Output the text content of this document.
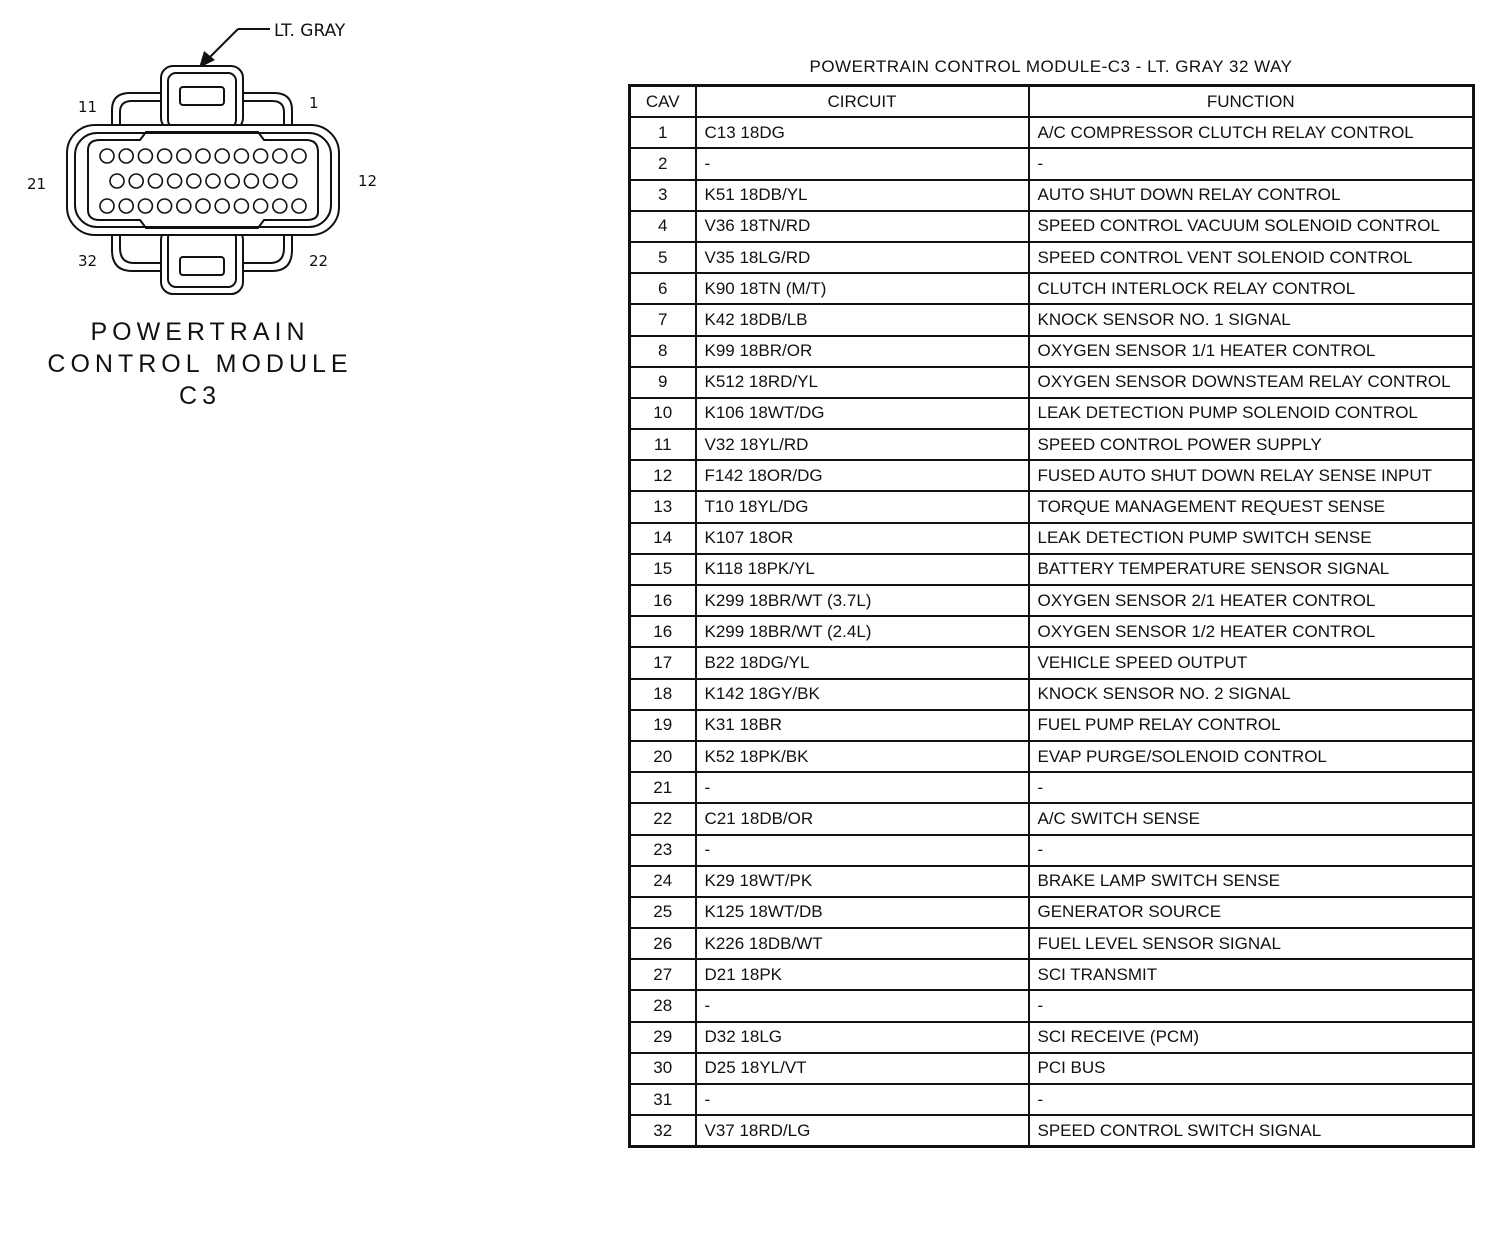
LT. GRAY
11	1
21	12
32	22
POWERTRAIN
CONTROL MODULE
C3
POWERTRAIN CONTROL MODULE-C3 - LT. GRAY 32 WAY
CAV	CIRCUIT	FUNCTION
1	C13 18DG	A/C COMPRESSOR CLUTCH RELAY CONTROL
2	-	-
3	K51 18DB/YL	AUTO SHUT DOWN RELAY CONTROL
4	V36 18TN/RD	SPEED CONTROL VACUUM SOLENOID CONTROL
5	V35 18LG/RD	SPEED CONTROL VENT SOLENOID CONTROL
6	K90 18TN (M/T)	CLUTCH INTERLOCK RELAY CONTROL
7	K42 18DB/LB	KNOCK SENSOR NO. 1 SIGNAL
8	K99 18BR/OR	OXYGEN SENSOR 1/1 HEATER CONTROL
9	K512 18RD/YL	OXYGEN SENSOR DOWNSTEAM RELAY CONTROL
10	K106 18WT/DG	LEAK DETECTION PUMP SOLENOID CONTROL
11	V32 18YL/RD	SPEED CONTROL POWER SUPPLY
12	F142 18OR/DG	FUSED AUTO SHUT DOWN RELAY SENSE INPUT
13	T10 18YL/DG	TORQUE MANAGEMENT REQUEST SENSE
14	K107 18OR	LEAK DETECTION PUMP SWITCH SENSE
15	K118 18PK/YL	BATTERY TEMPERATURE SENSOR SIGNAL
16	K299 18BR/WT (3.7L)	OXYGEN SENSOR 2/1 HEATER CONTROL
16	K299 18BR/WT (2.4L)	OXYGEN SENSOR 1/2 HEATER CONTROL
17	B22 18DG/YL	VEHICLE SPEED OUTPUT
18	K142 18GY/BK	KNOCK SENSOR NO. 2 SIGNAL
19	K31 18BR	FUEL PUMP RELAY CONTROL
20	K52 18PK/BK	EVAP PURGE/SOLENOID CONTROL
21	-	-
22	C21 18DB/OR	A/C SWITCH SENSE
23	-	-
24	K29 18WT/PK	BRAKE LAMP SWITCH SENSE
25	K125 18WT/DB	GENERATOR SOURCE
26	K226 18DB/WT	FUEL LEVEL SENSOR SIGNAL
27	D21 18PK	SCI TRANSMIT
28	-	-
29	D32 18LG	SCI RECEIVE (PCM)
30	D25 18YL/VT	PCI BUS
31	-	-
32	V37 18RD/LG	SPEED CONTROL SWITCH SIGNAL
